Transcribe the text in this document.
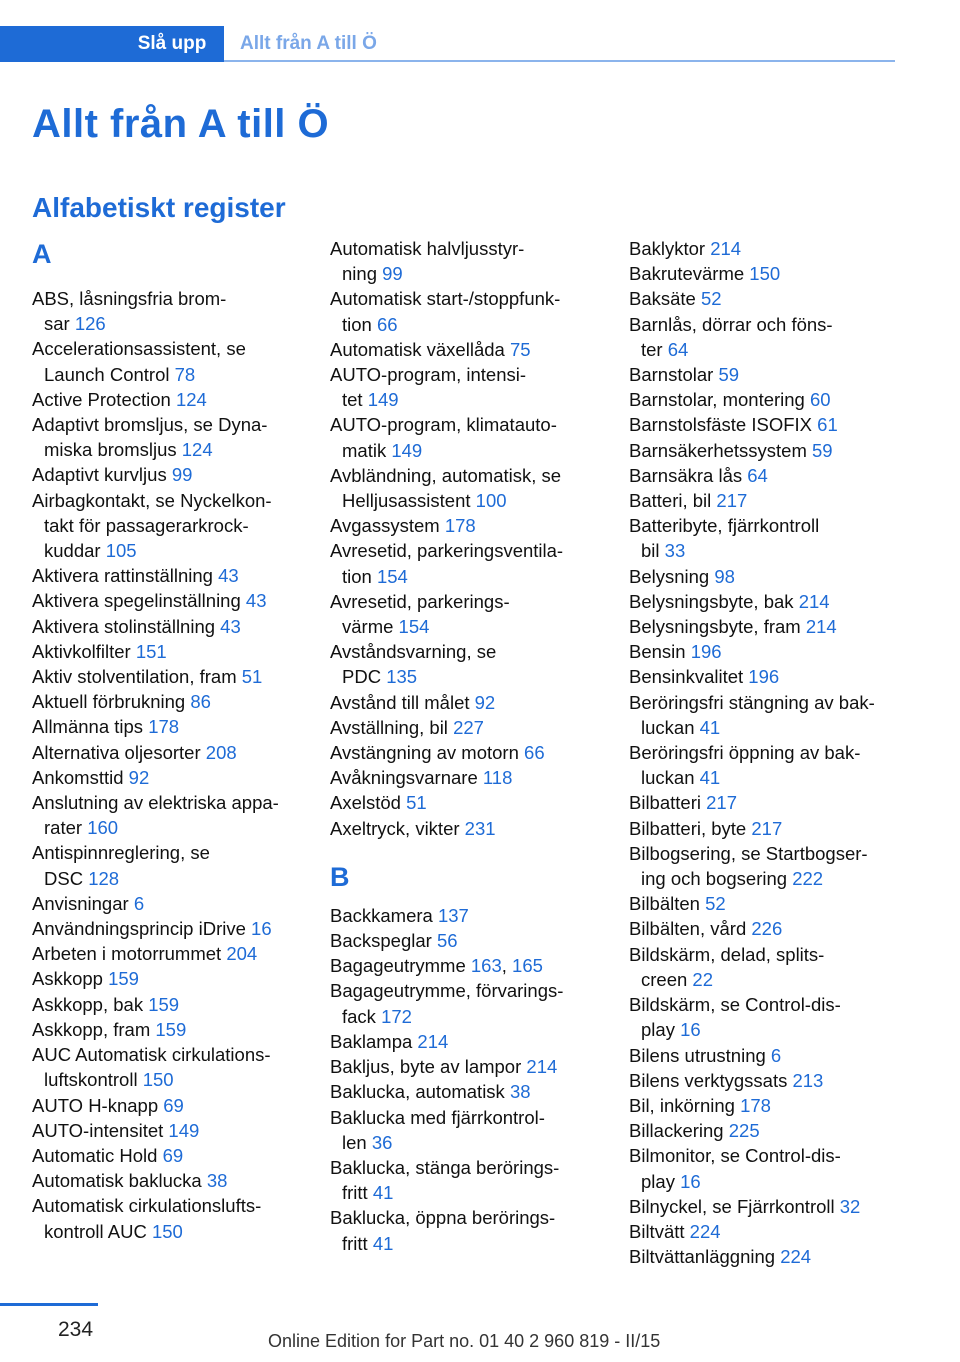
Slå upp	Allt från A till Ö
Allt från A till Ö
Alfabetiskt register
A
ABS, låsningsfria brom‐
sar 126
Accelerationsassistent, se
Launch Control 78
Active Protection 124
Adaptivt bromsljus, se Dyna‐
miska bromsljus 124
Adaptivt kurvljus 99
Airbagkontakt, se Nyckelkon‐
takt för passagerarkrock‐
kuddar 105
Aktivera rattinställning 43
Aktivera spegelinställning 43
Aktivera stolinställning 43
Aktivkolfilter 151
Aktiv stolventilation, fram 51
Aktuell förbrukning 86
Allmänna tips 178
Alternativa oljesorter 208
Ankomsttid 92
Anslutning av elektriska appa‐
rater 160
Antispinnreglering, se
DSC 128
Anvisningar 6
Användningsprincip iDrive 16
Arbeten i motorrummet 204
Askkopp 159
Askkopp, bak 159
Askkopp, fram 159
AUC Automatisk cirkulations‐
luftskontroll 150
AUTO H-knapp 69
AUTO-intensitet 149
Automatic Hold 69
Automatisk baklucka 38
Automatisk cirkulationslufts‐
kontroll AUC 150
Automatisk halvljusstyr‐
ning 99
Automatisk start-/stoppfunk‐
tion 66
Automatisk växellåda 75
AUTO-program, intensi‐
tet 149
AUTO-program, klimatauto‐
matik 149
Avbländning, automatisk, se
Helljusassistent 100
Avgassystem 178
Avresetid, parkeringsventila‐
tion 154
Avresetid, parkerings‐
värme 154
Avståndsvarning, se
PDC 135
Avstånd till målet 92
Avställning, bil 227
Avstängning av motorn 66
Avåkningsvarnare 118
Axelstöd 51
Axeltryck, vikter 231
B
Backkamera 137
Backspeglar 56
Bagageutrymme 163, 165
Bagageutrymme, förvarings‐
fack 172
Baklampa 214
Bakljus, byte av lampor 214
Baklucka, automatisk 38
Baklucka med fjärrkontrol‐
len 36
Baklucka, stänga berörings‐
fritt 41
Baklucka, öppna berörings‐
fritt 41
Baklyktor 214
Bakrutevärme 150
Baksäte 52
Barnlås, dörrar och föns‐
ter 64
Barnstolar 59
Barnstolar, montering 60
Barnstolsfäste ISOFIX 61
Barnsäkerhetssystem 59
Barnsäkra lås 64
Batteri, bil 217
Batteribyte, fjärrkontroll
bil 33
Belysning 98
Belysningsbyte, bak 214
Belysningsbyte, fram 214
Bensin 196
Bensinkvalitet 196
Beröringsfri stängning av bak‐
luckan 41
Beröringsfri öppning av bak‐
luckan 41
Bilbatteri 217
Bilbatteri, byte 217
Bilbogsering, se Startbogser‐
ing och bogsering 222
Bilbälten 52
Bilbälten, vård 226
Bildskärm, delad, splits‐
creen 22
Bildskärm, se Control-dis‐
play 16
Bilens utrustning 6
Bilens verktygssats 213
Bil, inkörning 178
Billackering 225
Bilmonitor, se Control-dis‐
play 16
Bilnyckel, se Fjärrkontroll 32
Biltvätt 224
Biltvättanläggning 224
234	Online Edition for Part no. 01 40 2 960 819 - II/15
